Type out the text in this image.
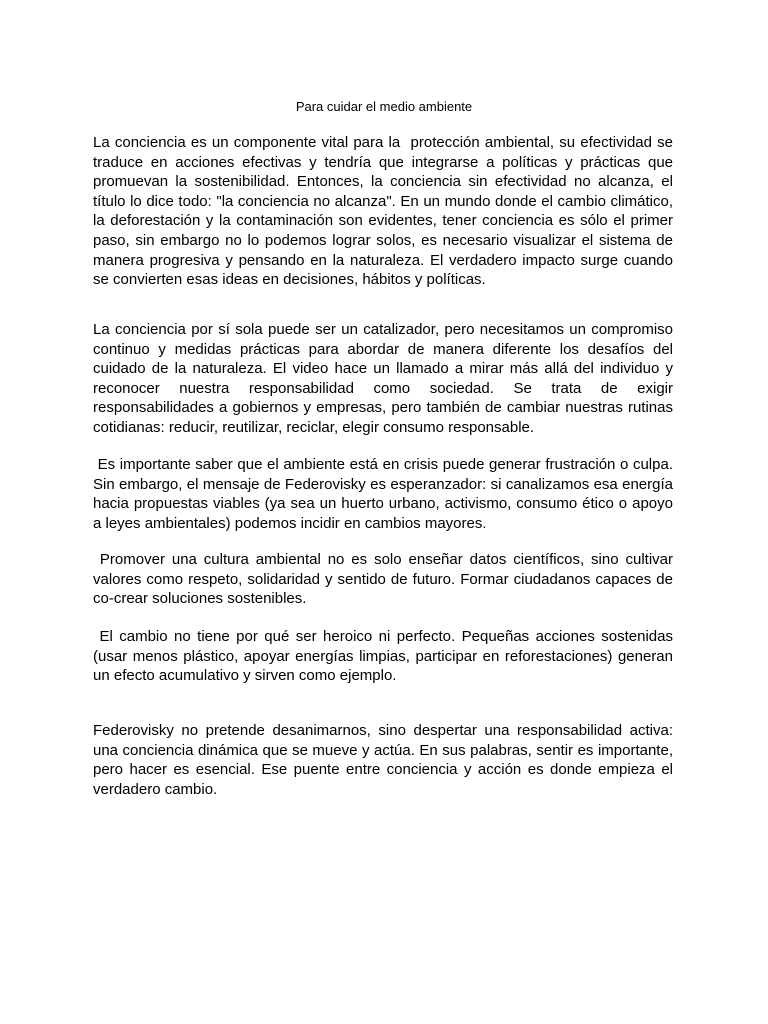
Para cuidar el medio ambiente

La conciencia es un componente vital para la  protección ambiental, su efectividad se traduce en acciones efectivas y tendría que integrarse a políticas y prácticas que promuevan la sostenibilidad. Entonces, la conciencia sin efectividad no alcanza, el título lo dice todo: "la conciencia no alcanza". En un mundo donde el cambio climático, la deforestación y la contaminación son evidentes, tener conciencia es sólo el primer paso, sin embargo no lo podemos lograr solos, es necesario visualizar el sistema de manera progresiva y pensando en la naturaleza. El verdadero impacto surge cuando se convierten esas ideas en decisiones, hábitos y políticas.

La conciencia por sí sola puede ser un catalizador, pero necesitamos un compromiso continuo y medidas prácticas para abordar de manera diferente los desafíos del cuidado de la naturaleza. El video hace un llamado a mirar más allá del individuo y reconocer nuestra responsabilidad como sociedad. Se trata de exigir responsabilidades a gobiernos y empresas, pero también de cambiar nuestras rutinas cotidianas: reducir, reutilizar, reciclar, elegir consumo responsable.

Es importante saber que el ambiente está en crisis puede generar frustración o culpa. Sin embargo, el mensaje de Federovisky es esperanzador: si canalizamos esa energía hacia propuestas viables (ya sea un huerto urbano, activismo, consumo ético o apoyo a leyes ambientales) podemos incidir en cambios mayores.

Promover una cultura ambiental no es solo enseñar datos científicos, sino cultivar valores como respeto, solidaridad y sentido de futuro. Formar ciudadanos capaces de co-crear soluciones sostenibles.

El cambio no tiene por qué ser heroico ni perfecto. Pequeñas acciones sostenidas (usar menos plástico, apoyar energías limpias, participar en reforestaciones) generan un efecto acumulativo y sirven como ejemplo.

Federovisky no pretende desanimarnos, sino despertar una responsabilidad activa: una conciencia dinámica que se mueve y actúa. En sus palabras, sentir es importante, pero hacer es esencial. Ese puente entre conciencia y acción es donde empieza el verdadero cambio.
